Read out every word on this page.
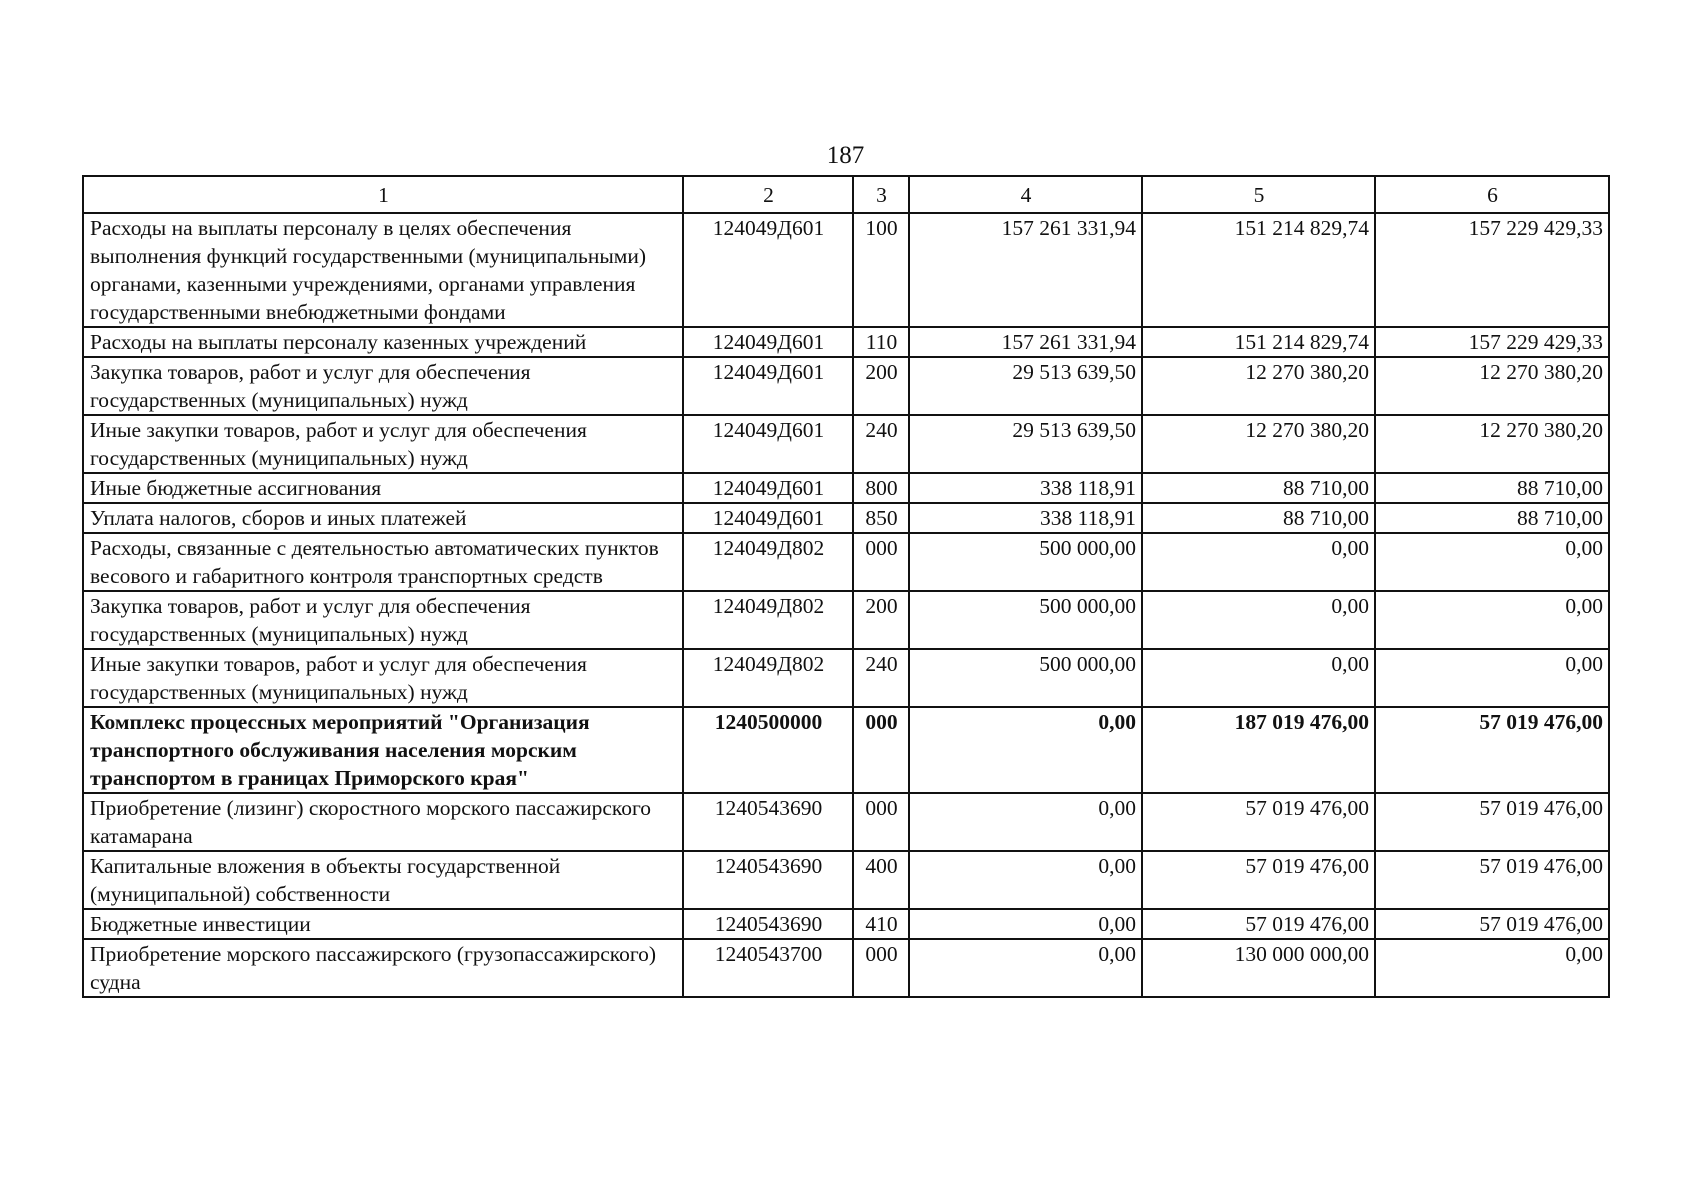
187
1	2	3	4	5	6
Расходы на выплаты персоналу в целях обеспечения выполнения функций государственными (муниципальными) органами, казенными учреждениями, органами управления государственными внебюджетными фондами	124049Д601	100	157 261 331,94	151 214 829,74	157 229 429,33
Расходы на выплаты персоналу казенных учреждений	124049Д601	110	157 261 331,94	151 214 829,74	157 229 429,33
Закупка товаров, работ и услуг для обеспечения государственных (муниципальных) нужд	124049Д601	200	29 513 639,50	12 270 380,20	12 270 380,20
Иные закупки товаров, работ и услуг для обеспечения государственных (муниципальных) нужд	124049Д601	240	29 513 639,50	12 270 380,20	12 270 380,20
Иные бюджетные ассигнования	124049Д601	800	338 118,91	88 710,00	88 710,00
Уплата налогов, сборов и иных платежей	124049Д601	850	338 118,91	88 710,00	88 710,00
Расходы, связанные с деятельностью автоматических пунктов весового и габаритного контроля транспортных средств	124049Д802	000	500 000,00	0,00	0,00
Закупка товаров, работ и услуг для обеспечения государственных (муниципальных) нужд	124049Д802	200	500 000,00	0,00	0,00
Иные закупки товаров, работ и услуг для обеспечения государственных (муниципальных) нужд	124049Д802	240	500 000,00	0,00	0,00
Комплекс процессных мероприятий "Организация транспортного обслуживания населения морским транспортом в границах Приморского края"	1240500000	000	0,00	187 019 476,00	57 019 476,00
Приобретение (лизинг) скоростного морского пассажирского катамарана	1240543690	000	0,00	57 019 476,00	57 019 476,00
Капитальные вложения в объекты государственной (муниципальной) собственности	1240543690	400	0,00	57 019 476,00	57 019 476,00
Бюджетные инвестиции	1240543690	410	0,00	57 019 476,00	57 019 476,00
Приобретение морского пассажирского (грузопассажирского) судна	1240543700	000	0,00	130 000 000,00	0,00
